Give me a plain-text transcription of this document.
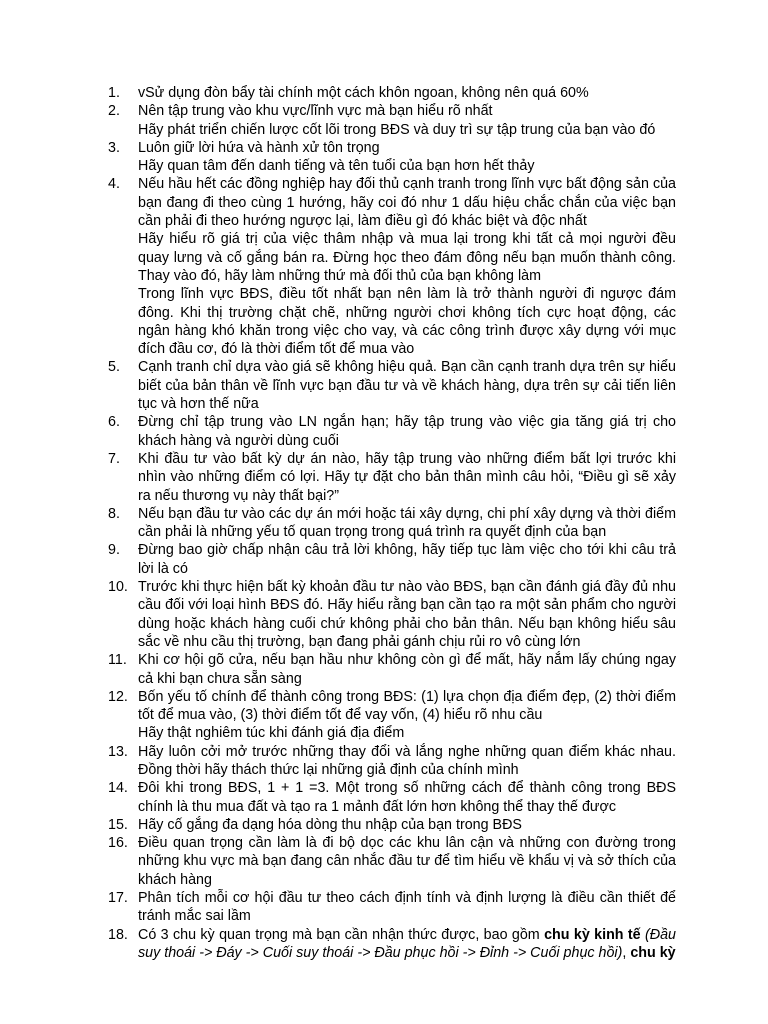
1.	vSử dụng đòn bẩy tài chính một cách khôn ngoan, không nên quá 60%
2.	Nên tập trung vào khu vực/lĩnh vực mà bạn hiểu rõ nhất
Hãy phát triển chiến lược cốt lõi trong BĐS và duy trì sự tập trung của bạn vào đó
3.	Luôn giữ lời hứa và hành xử tôn trọng
Hãy quan tâm đến danh tiếng và tên tuổi của bạn hơn hết thảy
4.	Nếu hầu hết các đồng nghiệp hay đối thủ cạnh tranh trong lĩnh vực bất động sản của bạn đang đi theo cùng 1 hướng, hãy coi đó như 1 dấu hiệu chắc chắn của việc bạn cần phải đi theo hướng ngược lại, làm điều gì đó khác biệt và độc nhất
Hãy hiểu rõ giá trị của việc thâm nhập và mua lại trong khi tất cả mọi người đều quay lưng và cố gắng bán ra. Đừng học theo đám đông nếu bạn muốn thành công. Thay vào đó, hãy làm những thứ mà đối thủ của bạn không làm
Trong lĩnh vực BĐS, điều tốt nhất bạn nên làm là trở thành người đi ngược đám đông. Khi thị trường chặt chẽ, những người chơi không tích cực hoạt động, các ngân hàng khó khăn trong việc cho vay, và các công trình được xây dựng với mục đích đầu cơ, đó là thời điểm tốt để mua vào
5.	Cạnh tranh chỉ dựa vào giá sẽ không hiệu quả. Bạn cần cạnh tranh dựa trên sự hiểu biết của bản thân về lĩnh vực bạn đầu tư và về khách hàng, dựa trên sự cải tiến liên tục và hơn thế nữa
6.	Đừng chỉ tập trung vào LN ngắn hạn; hãy tập trung vào việc gia tăng giá trị cho khách hàng và người dùng cuối
7.	Khi đầu tư vào bất kỳ dự án nào, hãy tập trung vào những điểm bất lợi trước khi nhìn vào những điểm có lợi. Hãy tự đặt cho bản thân mình câu hỏi, “Điều gì sẽ xảy ra nếu thương vụ này thất bại?”
8.	Nếu bạn đầu tư vào các dự án mới hoặc tái xây dựng, chi phí xây dựng và thời điểm cần phải là những yếu tố quan trọng trong quá trình ra quyết định của bạn
9.	Đừng bao giờ chấp nhận câu trả lời không, hãy tiếp tục làm việc cho tới khi câu trả lời là có
10. Trước khi thực hiện bất kỳ khoản đầu tư nào vào BĐS, bạn cần đánh giá đầy đủ nhu cầu đối với loại hình BĐS đó. Hãy hiểu rằng bạn cần tạo ra một sản phẩm cho người dùng hoặc khách hàng cuối chứ không phải cho bản thân. Nếu bạn không hiểu sâu sắc về nhu cầu thị trường, bạn đang phải gánh chịu rủi ro vô cùng lớn
11. Khi cơ hội gõ cửa, nếu bạn hầu như không còn gì để mất, hãy nắm lấy chúng ngay cả khi bạn chưa sẵn sàng
12. Bốn yếu tố chính để thành công trong BĐS: (1) lựa chọn địa điểm đẹp, (2) thời điểm tốt để mua vào, (3) thời điểm tốt để vay vốn, (4) hiểu rõ nhu cầu
Hãy thật nghiêm túc khi đánh giá địa điểm
13. Hãy luôn cởi mở trước những thay đổi và lắng nghe những quan điểm khác nhau. Đồng thời hãy thách thức lại những giả định của chính mình
14. Đôi khi trong BĐS, 1 + 1 =3. Một trong số những cách để thành công trong BĐS chính là thu mua đất và tạo ra 1 mảnh đất lớn hơn không thể thay thế được
15. Hãy cố gắng đa dạng hóa dòng thu nhập của bạn trong BĐS
16. Điều quan trọng cần làm là đi bộ dọc các khu lân cận và những con đường trong những khu vực mà bạn đang cân nhắc đầu tư để tìm hiểu về khẩu vị và sở thích của khách hàng
17. Phân tích mỗi cơ hội đầu tư theo cách định tính và định lượng là điều cần thiết để tránh mắc sai lầm
18. Có 3 chu kỳ quan trọng mà bạn cần nhận thức được, bao gồm chu kỳ kinh tế (Đầu suy thoái -> Đáy -> Cuối suy thoái -> Đầu phục hồi -> Đỉnh -> Cuối phục hồi), chu kỳ
